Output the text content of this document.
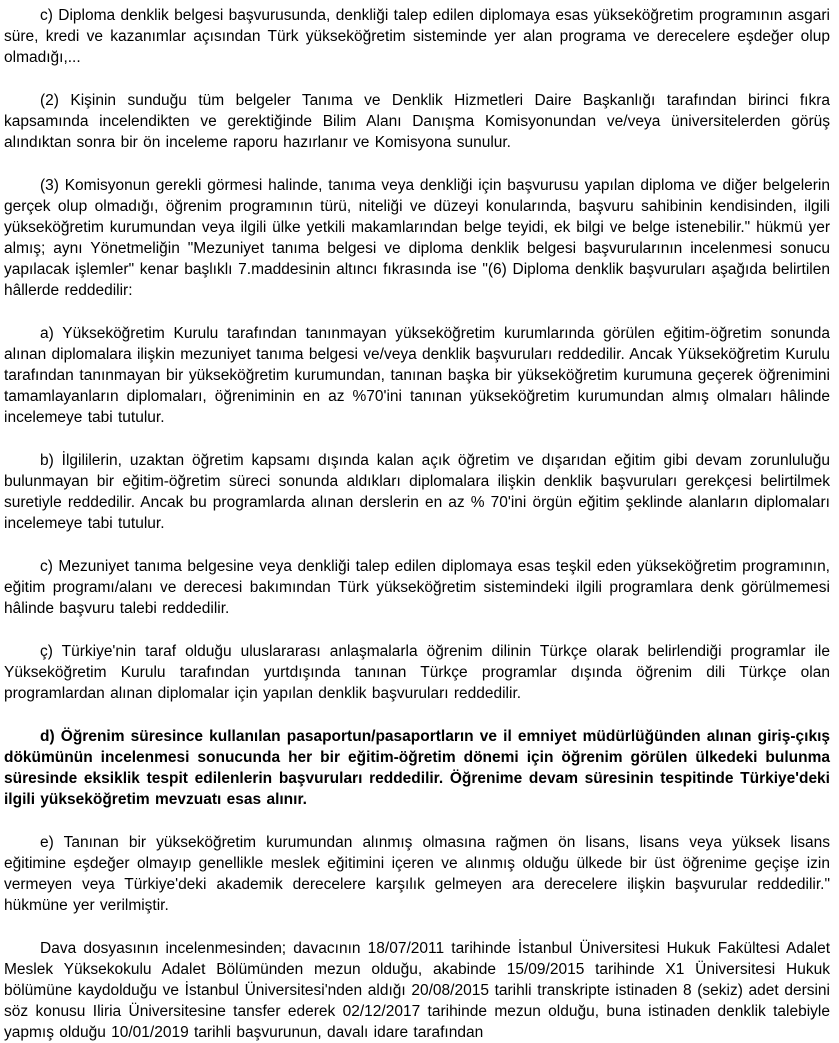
c) Diploma denklik belgesi başvurusunda, denkliği talep edilen diplomaya esas yükseköğretim programının asgari süre, kredi ve kazanımlar açısından Türk yükseköğretim sisteminde yer alan programa ve derecelere eşdeğer olup olmadığı,...

(2) Kişinin sunduğu tüm belgeler Tanıma ve Denklik Hizmetleri Daire Başkanlığı tarafından birinci fıkra kapsamında incelendikten ve gerektiğinde Bilim Alanı Danışma Komisyonundan ve/veya üniversitelerden görüş alındıktan sonra bir ön inceleme raporu hazırlanır ve Komisyona sunulur.

(3) Komisyonun gerekli görmesi halinde, tanıma veya denkliği için başvurusu yapılan diploma ve diğer belgelerin gerçek olup olmadığı, öğrenim programının türü, niteliği ve düzeyi konularında, başvuru sahibinin kendisinden, ilgili yükseköğretim kurumundan veya ilgili ülke yetkili makamlarından belge teyidi, ek bilgi ve belge istenebilir." hükmü yer almış; aynı Yönetmeliğin "Mezuniyet tanıma belgesi ve diploma denklik belgesi başvurularının incelenmesi sonucu yapılacak işlemler" kenar başlıklı 7.maddesinin altıncı fıkrasında ise "(6) Diploma denklik başvuruları aşağıda belirtilen hâllerde reddedilir:

a) Yükseköğretim Kurulu tarafından tanınmayan yükseköğretim kurumlarında görülen eğitim-öğretim sonunda alınan diplomalara ilişkin mezuniyet tanıma belgesi ve/veya denklik başvuruları reddedilir. Ancak Yükseköğretim Kurulu tarafından tanınmayan bir yükseköğretim kurumundan, tanınan başka bir yükseköğretim kurumuna geçerek öğrenimini tamamlayanların diplomaları, öğreniminin en az %70'ini tanınan yükseköğretim kurumundan almış olmaları hâlinde incelemeye tabi tutulur.

b) İlgililerin, uzaktan öğretim kapsamı dışında kalan açık öğretim ve dışarıdan eğitim gibi devam zorunluluğu bulunmayan bir eğitim-öğretim süreci sonunda aldıkları diplomalara ilişkin denklik başvuruları gerekçesi belirtilmek suretiyle reddedilir. Ancak bu programlarda alınan derslerin en az % 70'ini örgün eğitim şeklinde alanların diplomaları incelemeye tabi tutulur.

c) Mezuniyet tanıma belgesine veya denkliği talep edilen diplomaya esas teşkil eden yükseköğretim programının, eğitim programı/alanı ve derecesi bakımından Türk yükseköğretim sistemindeki ilgili programlara denk görülmemesi hâlinde başvuru talebi reddedilir.

ç) Türkiye'nin taraf olduğu uluslararası anlaşmalarla öğrenim dilinin Türkçe olarak belirlendiği programlar ile Yükseköğretim Kurulu tarafından yurtdışında tanınan Türkçe programlar dışında öğrenim dili Türkçe olan programlardan alınan diplomalar için yapılan denklik başvuruları reddedilir.

d) Öğrenim süresince kullanılan pasaportun/pasaportların ve il emniyet müdürlüğünden alınan giriş-çıkış dökümünün incelenmesi sonucunda her bir eğitim-öğretim dönemi için öğrenim görülen ülkedeki bulunma süresinde eksiklik tespit edilenlerin başvuruları reddedilir. Öğrenime devam süresinin tespitinde Türkiye'deki ilgili yükseköğretim mevzuatı esas alınır.

e) Tanınan bir yükseköğretim kurumundan alınmış olmasına rağmen ön lisans, lisans veya yüksek lisans eğitimine eşdeğer olmayıp genellikle meslek eğitimini içeren ve alınmış olduğu ülkede bir üst öğrenime geçişe izin vermeyen veya Türkiye'deki akademik derecelere karşılık gelmeyen ara derecelere ilişkin başvurular reddedilir." hükmüne yer verilmiştir.

Dava dosyasının incelenmesinden; davacının 18/07/2011 tarihinde İstanbul Üniversitesi Hukuk Fakültesi Adalet Meslek Yüksekokulu Adalet Bölümünden mezun olduğu, akabinde 15/09/2015 tarihinde X1 Üniversitesi Hukuk bölümüne kaydolduğu ve İstanbul Üniversitesi'nden aldığı 20/08/2015 tarihli transkripte istinaden 8 (sekiz) adet dersini söz konusu Iliria Üniversitesine tansfer ederek 02/12/2017 tarihinde mezun olduğu, buna istinaden denklik talebiyle yapmış olduğu 10/01/2019 tarihli başvurunun, davalı idare tarafından
